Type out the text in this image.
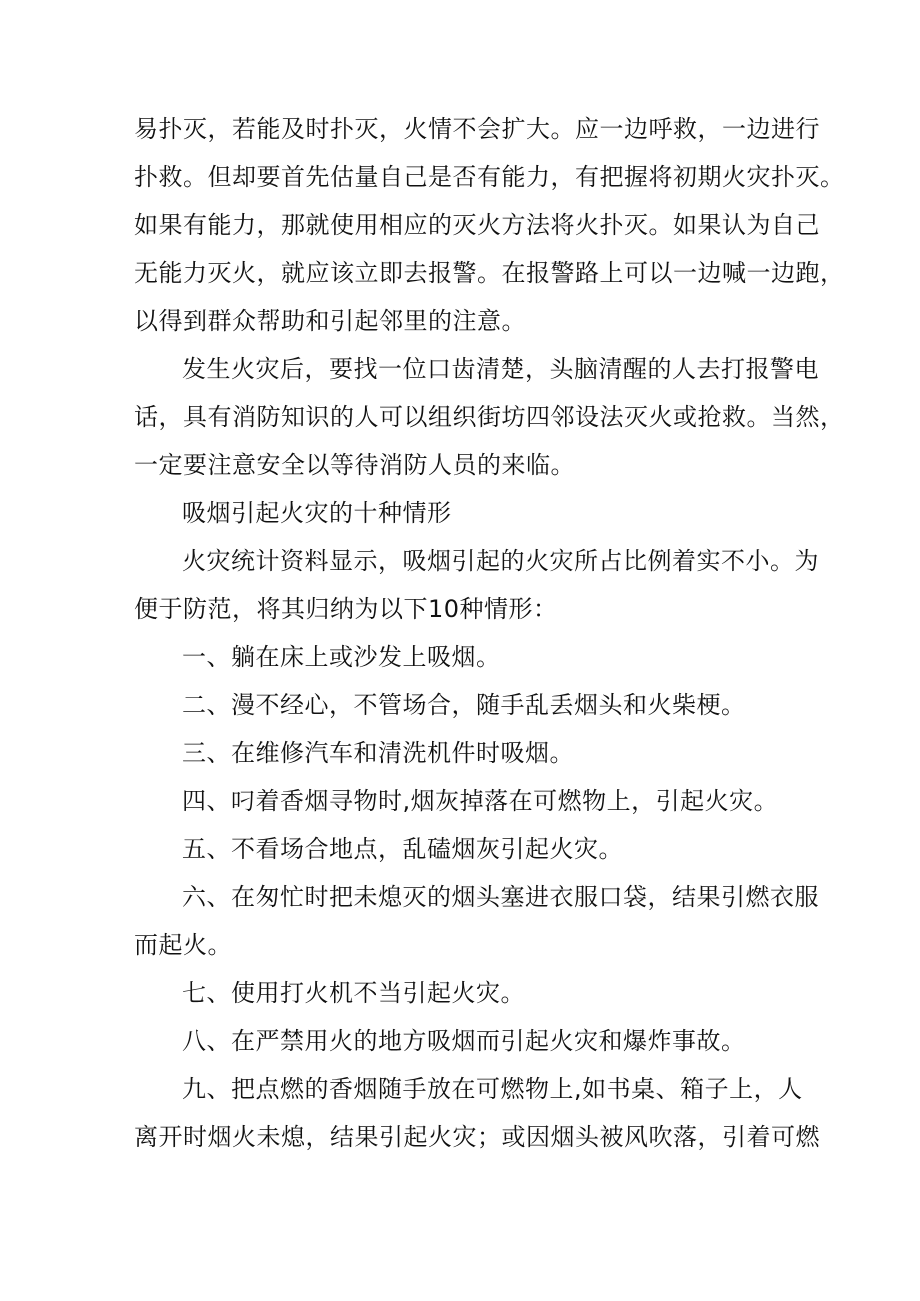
易扑灭，若能及时扑灭，火情不会扩大。应一边呼救，一边进行
扑救。但却要首先估量自己是否有能力，有把握将初期火灾扑灭。
如果有能力，那就使用相应的灭火方法将火扑灭。如果认为自己
无能力灭火，就应该立即去报警。在报警路上可以一边喊一边跑，
以得到群众帮助和引起邻里的注意。
发生火灾后，要找一位口齿清楚，头脑清醒的人去打报警电
话，具有消防知识的人可以组织街坊四邻设法灭火或抢救。当然，
一定要注意安全以等待消防人员的来临。
吸烟引起火灾的十种情形
火灾统计资料显示，吸烟引起的火灾所占比例着实不小。为
便于防范，将其归纳为以下10种情形：
一、躺在床上或沙发上吸烟。
二、漫不经心，不管场合，随手乱丢烟头和火柴梗。
三、在维修汽车和清洗机件时吸烟。
四、叼着香烟寻物时,烟灰掉落在可燃物上，引起火灾。
五、不看场合地点，乱磕烟灰引起火灾。
六、在匆忙时把未熄灭的烟头塞进衣服口袋，结果引燃衣服
而起火。
七、使用打火机不当引起火灾。
八、在严禁用火的地方吸烟而引起火灾和爆炸事故。
九、把点燃的香烟随手放在可燃物上,如书桌、箱子上，人
离开时烟火未熄，结果引起火灾；或因烟头被风吹落，引着可燃
